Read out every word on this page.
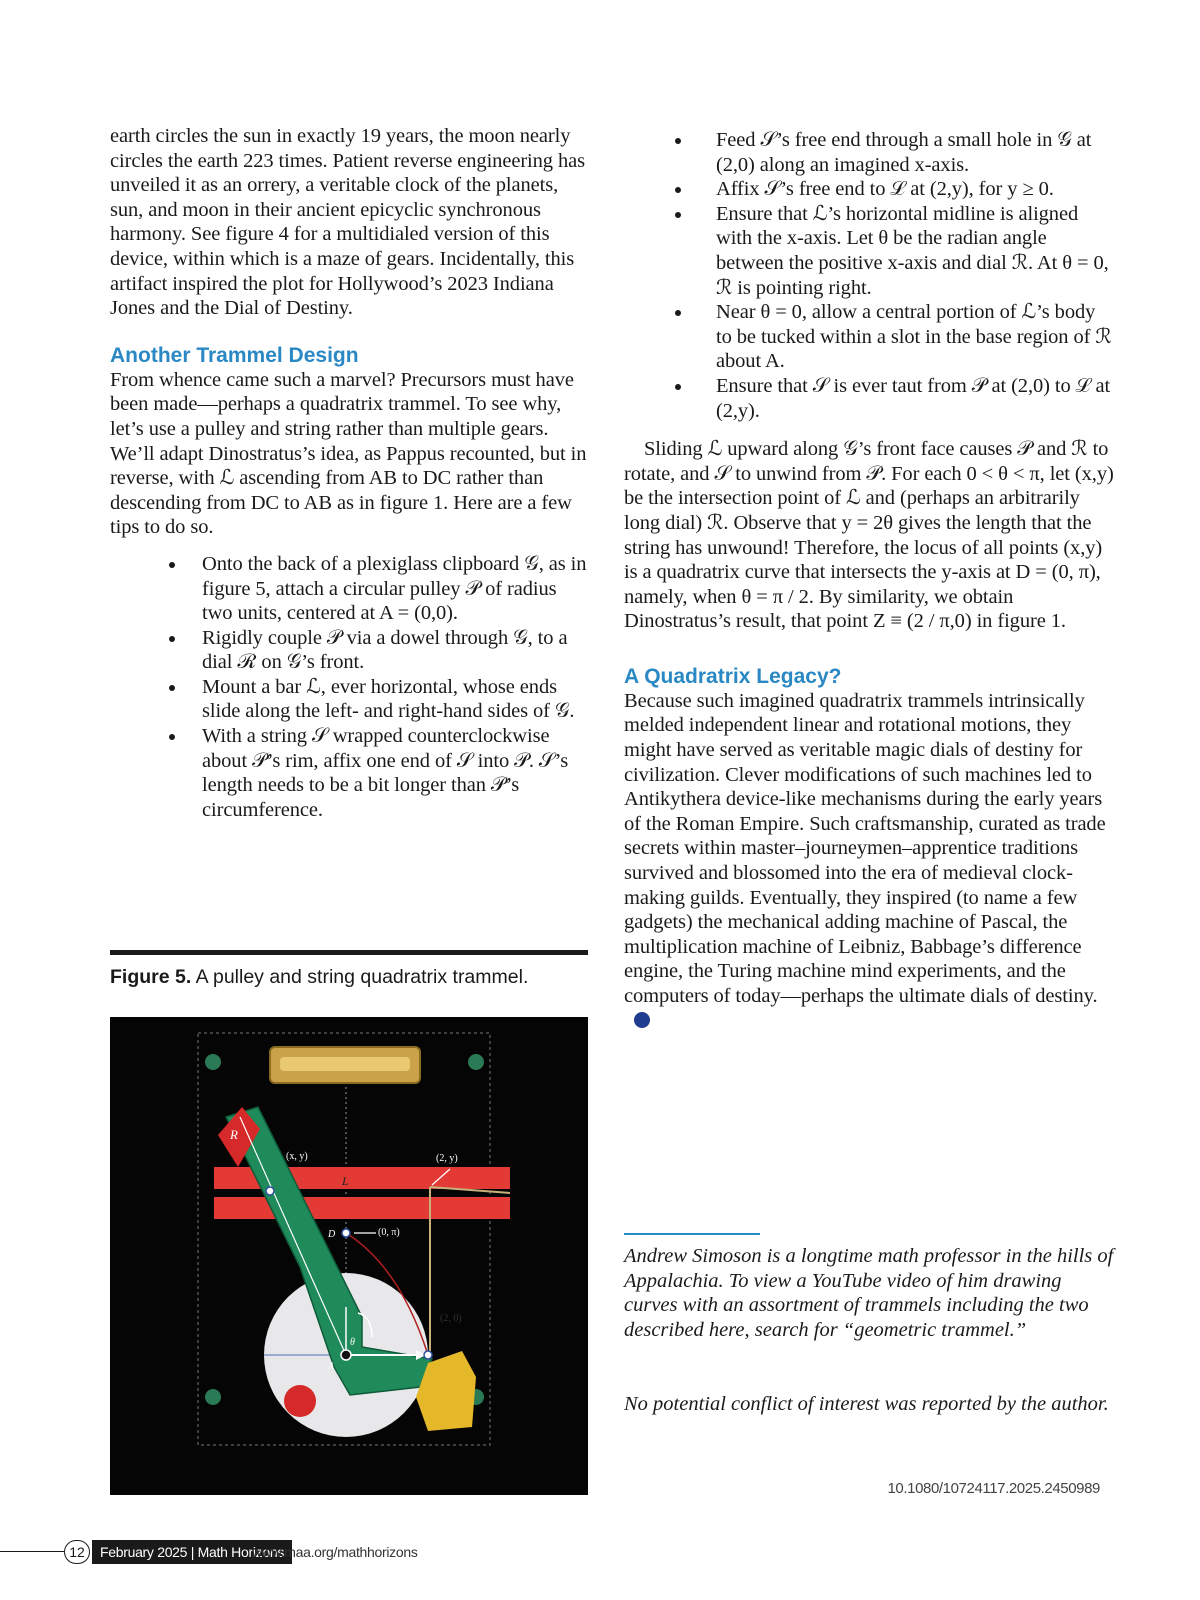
earth circles the sun in exactly 19 years, the moon nearly circles the earth 223 times. Patient reverse engineering has unveiled it as an orrery, a veritable clock of the planets, sun, and moon in their ancient epicyclic synchronous harmony. See figure 4 for a multidialed version of this device, within which is a maze of gears. Incidentally, this artifact inspired the plot for Hollywood’s 2023 Indiana Jones and the Dial of Destiny.

Another Trammel Design

From whence came such a marvel? Precursors must have been made—perhaps a quadratrix trammel. To see why, let’s use a pulley and string rather than multiple gears. We’ll adapt Dinostratus’s idea, as Pappus recounted, but in reverse, with ℒ ascending from AB to DC rather than descending from DC to AB as in figure 1. Here are a few tips to do so.

Onto the back of a plexiglass clipboard 𝒢, as in figure 5, attach a circular pulley 𝒫 of radius two units, centered at A = (0,0).
Rigidly couple 𝒫 via a dowel through 𝒢, to a dial ℛ on 𝒢’s front.
Mount a bar ℒ, ever horizontal, whose ends slide along the left- and right-hand sides of 𝒢.
With a string 𝒮 wrapped counterclockwise about 𝒫’s rim, affix one end of 𝒮 into 𝒫. 𝒮’s length needs to be a bit longer than 𝒫’s circumference.
Figure 5. A pulley and string quadratrix trammel.
R
(x, y)	(2, y)
L
D	(0, π)
(2, 0)
θ
A
Feed 𝒮’s free end through a small hole in 𝒢 at (2,0) along an imagined x-axis.
Affix 𝒮’s free end to ℒ at (2,y), for y ≥ 0.
Ensure that ℒ’s horizontal midline is aligned with the x-axis. Let θ be the radian angle between the positive x-axis and dial ℛ. At θ = 0, ℛ is pointing right.
Near θ = 0, allow a central portion of ℒ’s body to be tucked within a slot in the base region of ℛ about A.
Ensure that 𝒮 is ever taut from 𝒫 at (2,0) to ℒ at (2,y).

Sliding ℒ upward along 𝒢’s front face causes 𝒫 and ℛ to rotate, and 𝒮 to unwind from 𝒫. For each 0 < θ < π, let (x,y) be the intersection point of ℒ and (perhaps an arbitrarily long dial) ℛ. Observe that y = 2θ gives the length that the string has unwound! Therefore, the locus of all points (x,y) is a quadratrix curve that intersects the y-axis at D = (0, π), namely, when θ = π / 2. By similarity, we obtain Dinostratus’s result, that point Z ≡ (2 / π,0) in figure 1.

A Quadratrix Legacy?

Because such imagined quadratrix trammels intrinsically melded independent linear and rotational motions, they might have served as veritable magic dials of destiny for civilization. Clever modifications of such machines led to Antikythera device-like mechanisms during the early years of the Roman Empire. Such craftsmanship, curated as trade secrets within master–journeymen–apprentice traditions survived and blossomed into the era of medieval clock-making guilds. Eventually, they inspired (to name a few gadgets) the mechanical adding machine of Pascal, the multiplication machine of Leibniz, Babbage’s difference engine, the Turing machine mind experiments, and the computers of today—perhaps the ultimate dials of destiny.

Andrew Simoson is a longtime math professor in the hills of Appalachia. To view a YouTube video of him drawing curves with an assortment of trammels including the two described here, search for “geometric trammel.”

No potential conflict of interest was reported by the author.

10.1080/10724117.2025.2450989
12	February 2025 | Math Horizons
www.maa.org/mathhorizons
